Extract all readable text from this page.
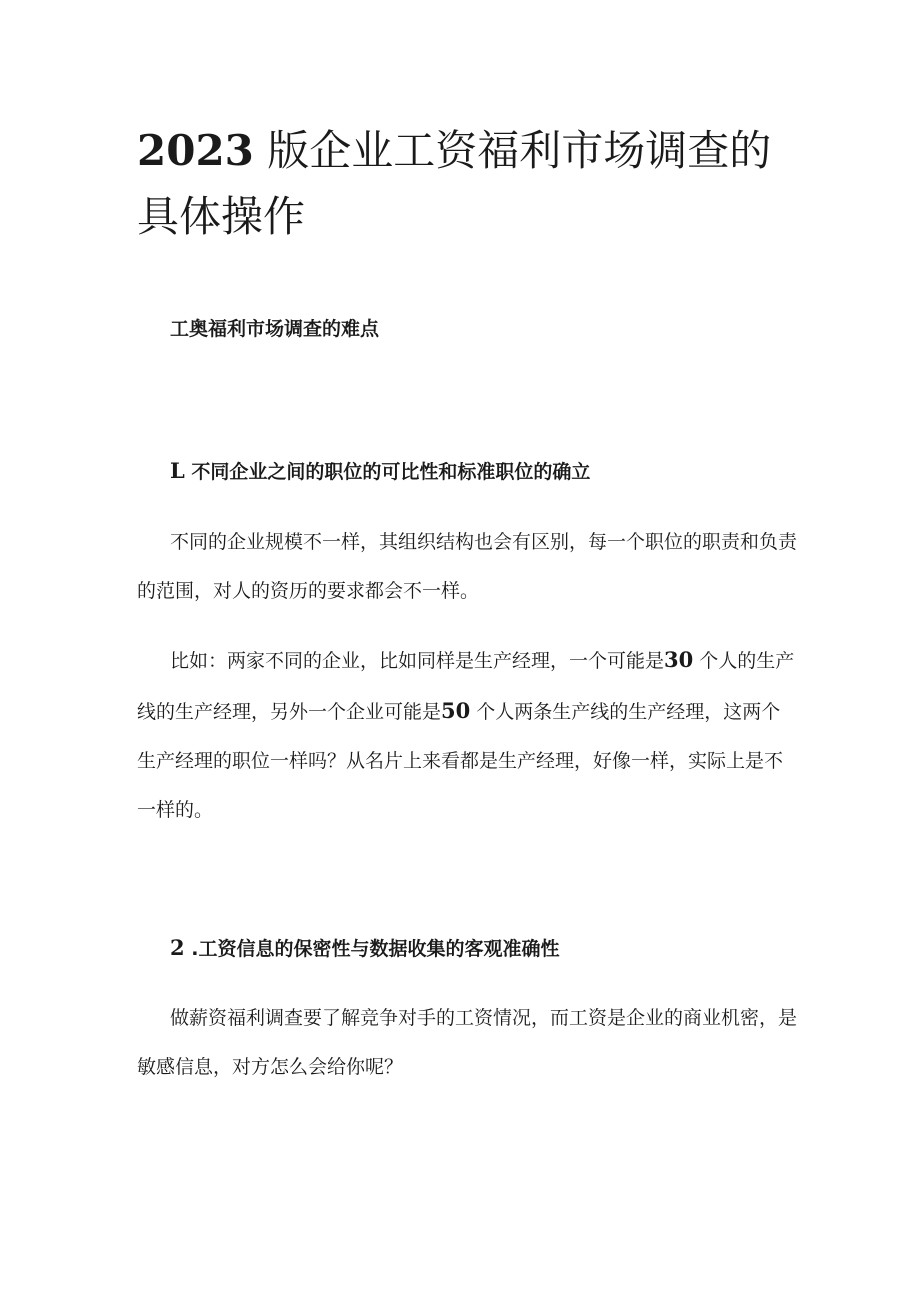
2023 版企业工资福利市场调查的具体操作
工奥福利市场调查的难点
L 不同企业之间的职位的可比性和标准职位的确立

不同的企业规模不一样，其组织结构也会有区别，每一个职位的职责和负责的范围，对人的资历的要求都会不一样。

比如：两家不同的企业，比如同样是生产经理，一个可能是30 个人的生产线的生产经理，另外一个企业可能是50 个人两条生产线的生产经理，这两个生产经理的职位一样吗？从名片上来看都是生产经理，好像一样，实际上是不一样的。

2 .工资信息的保密性与数据收集的客观准确性

做薪资福利调查要了解竞争对手的工资情况，而工资是企业的商业机密，是敏感信息，对方怎么会给你呢？
